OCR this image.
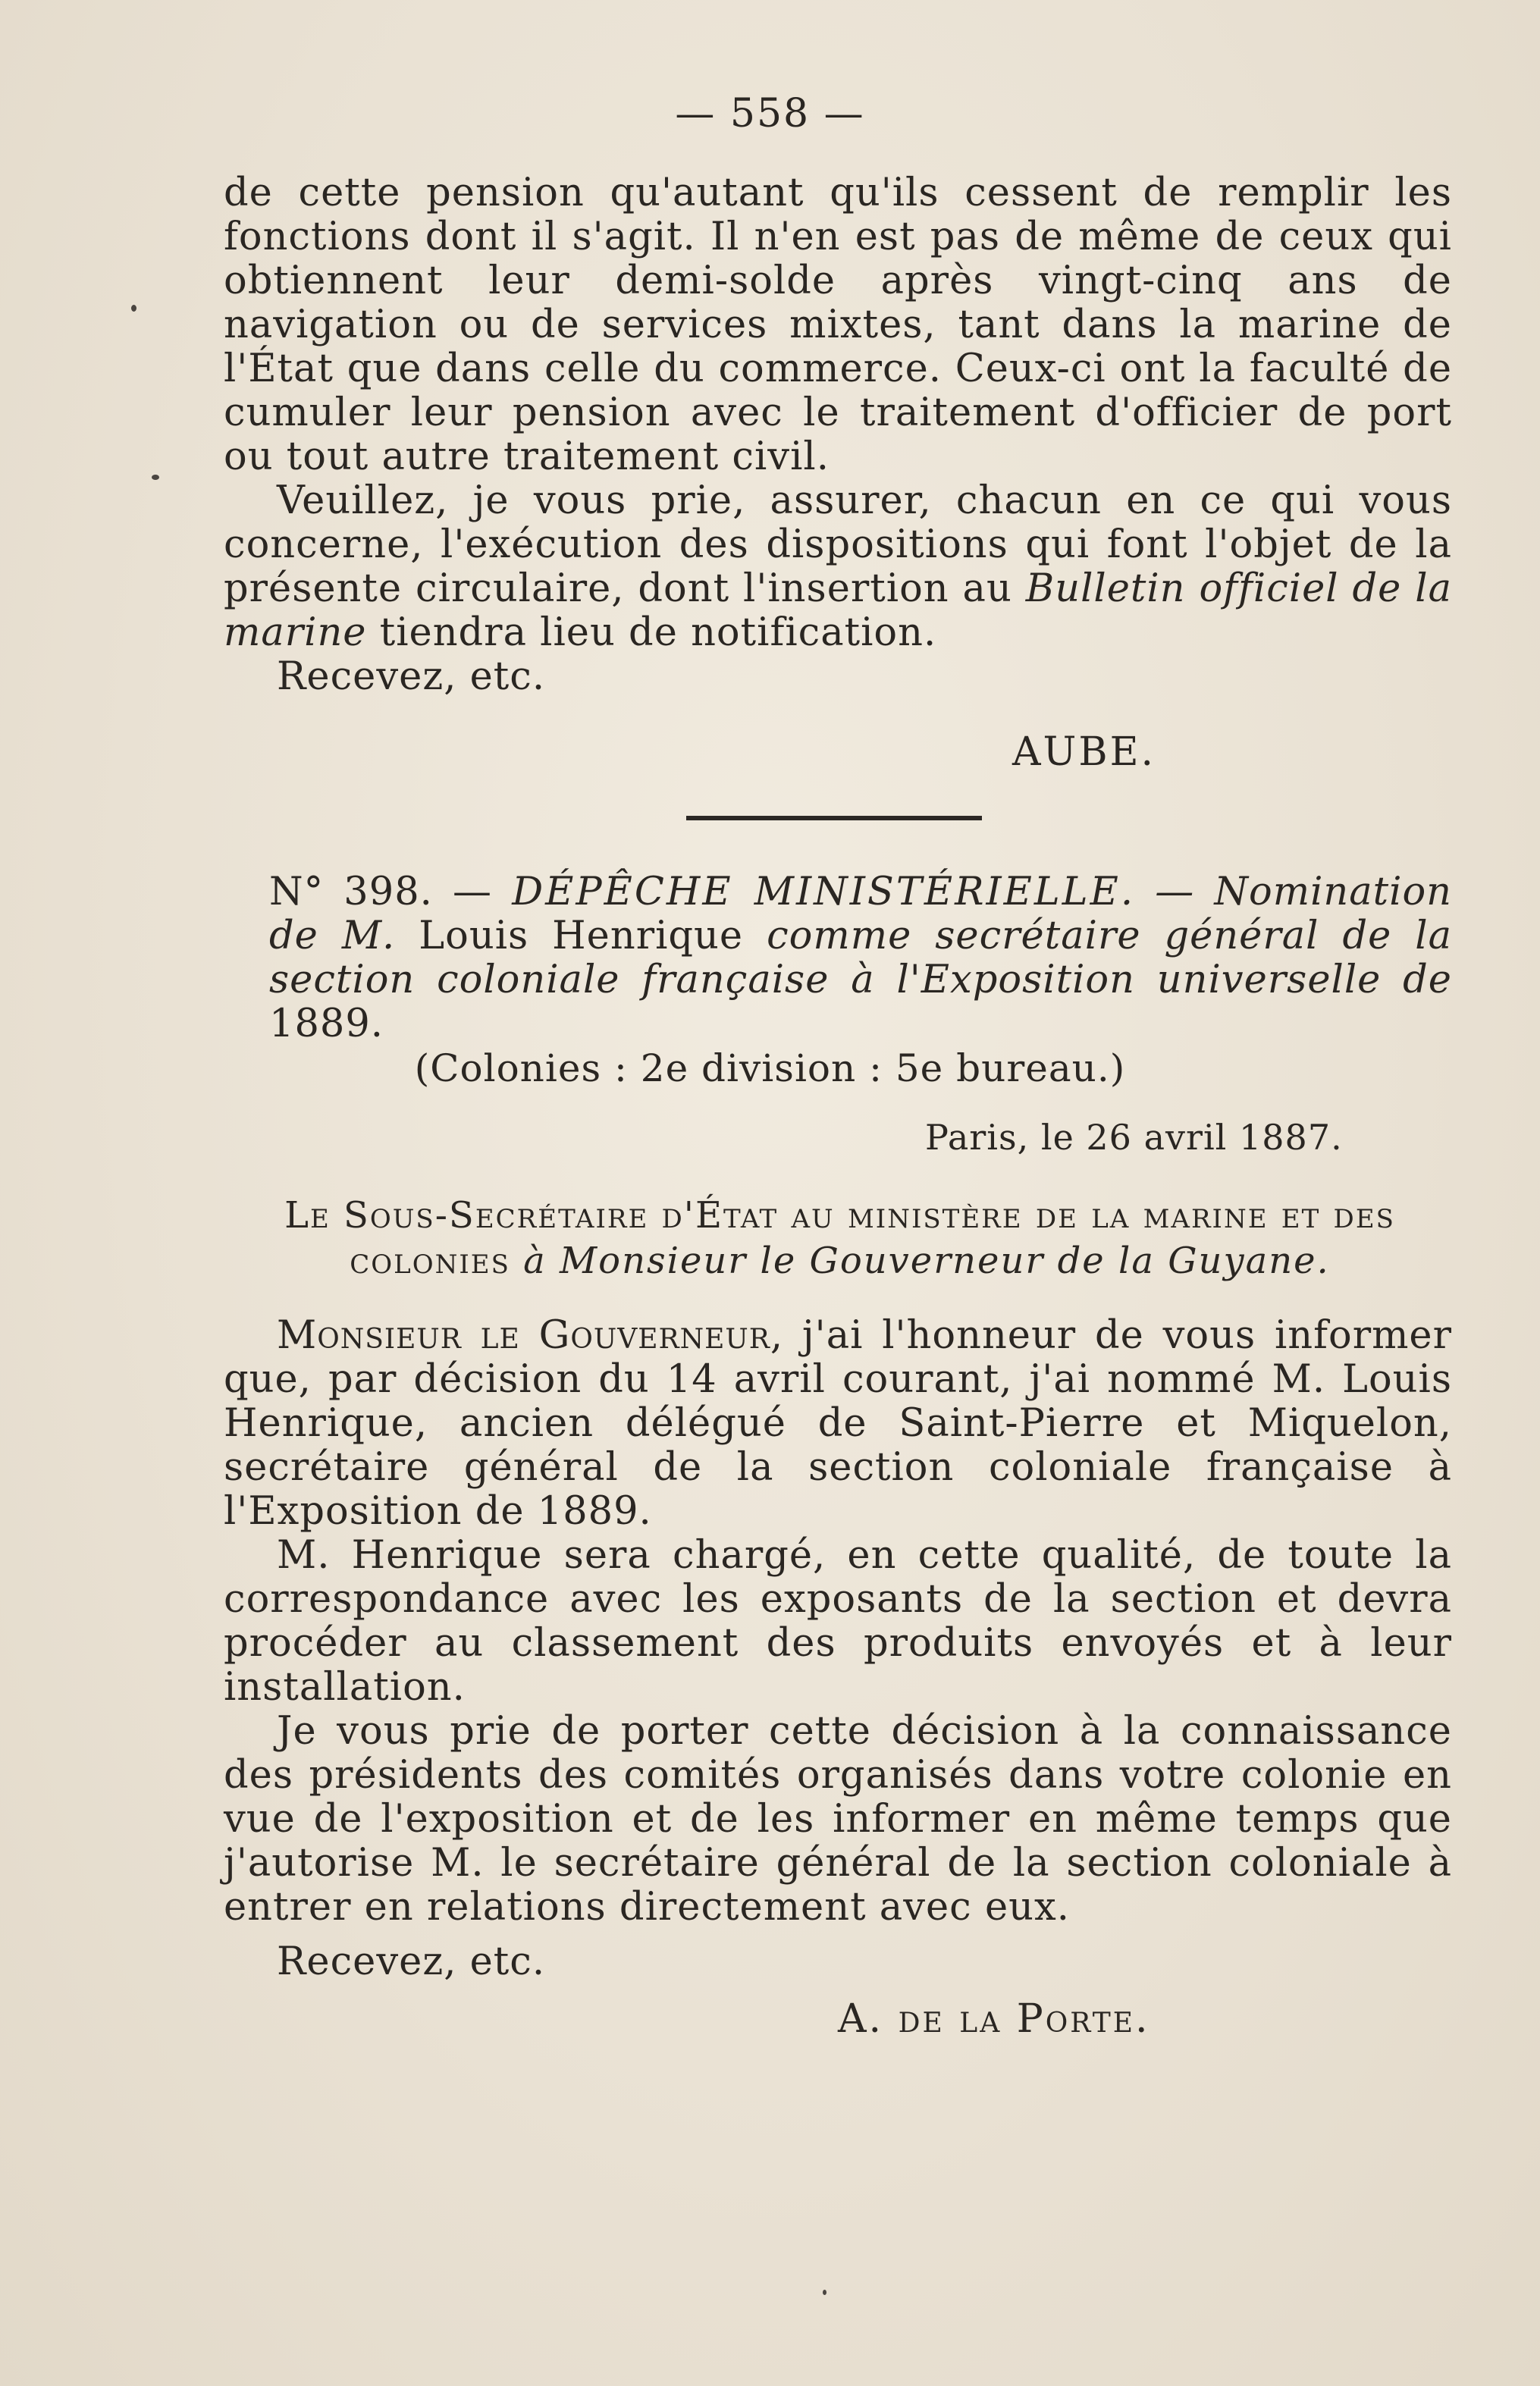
— 558 —

de cette pension qu'autant qu'ils cessent de remplir les fonctions dont il s'agit. Il n'en est pas de même de ceux qui obtiennent leur demi-solde après vingt-cinq ans de navigation ou de services mixtes, tant dans la marine de l'État que dans celle du commerce. Ceux-ci ont la faculté de cumuler leur pension avec le traitement d'officier de port ou tout autre traitement civil.

Veuillez, je vous prie, assurer, chacun en ce qui vous concerne, l'exécution des dispositions qui font l'objet de la présente circulaire, dont l'insertion au Bulletin officiel de la marine tiendra lieu de notification.

Recevez, etc.

AUBE.
N° 398. — DÉPÊCHE MINISTÉRIELLE. — Nomination de M. Louis Henrique comme secrétaire général de la section coloniale française à l'Exposition universelle de 1889.
(Colonies : 2e division : 5e bureau.)
Paris, le 26 avril 1887.
Le Sous-Secrétaire d'État au ministère de la marine et des colonies à Monsieur le Gouverneur de la Guyane.

Monsieur le Gouverneur, j'ai l'honneur de vous informer que, par décision du 14 avril courant, j'ai nommé M. Louis Henrique, ancien délégué de Saint-Pierre et Miquelon, secrétaire général de la section coloniale française à l'Exposition de 1889.

M. Henrique sera chargé, en cette qualité, de toute la correspondance avec les exposants de la section et devra procéder au classement des produits envoyés et à leur installation.

Je vous prie de porter cette décision à la connaissance des présidents des comités organisés dans votre colonie en vue de l'exposition et de les informer en même temps que j'autorise M. le secrétaire général de la section coloniale à entrer en relations directement avec eux.

Recevez, etc.

A. de la Porte.
